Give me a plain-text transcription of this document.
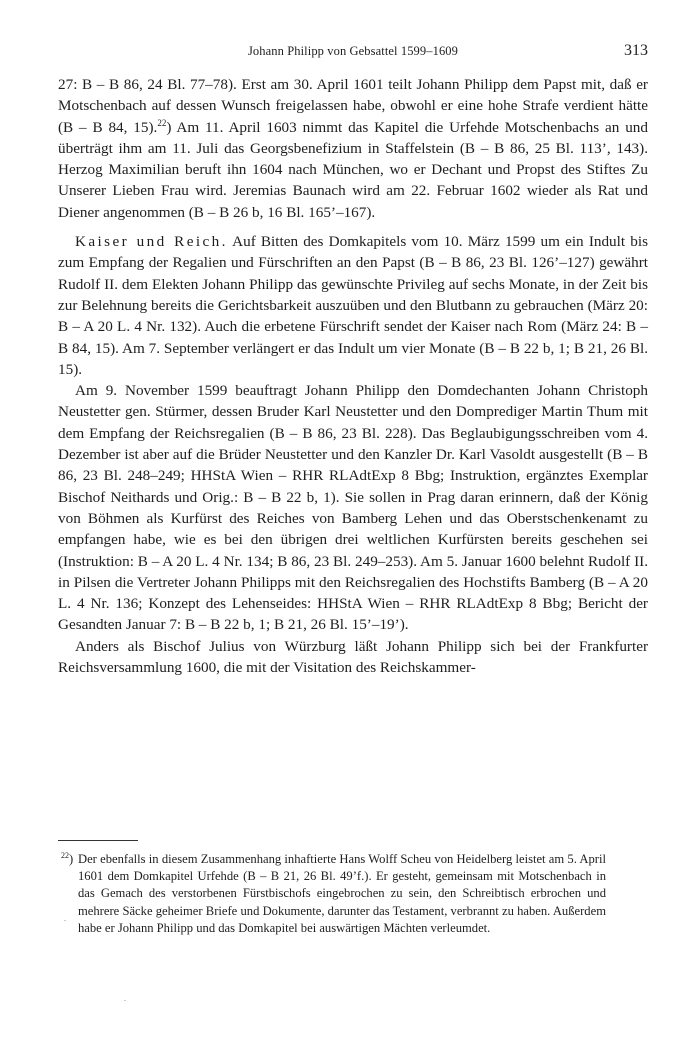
Johann Philipp von Gebsattel 1599–1609	313

27: B – B 86, 24 Bl. 77–78). Erst am 30. April 1601 teilt Johann Philipp dem Papst mit, daß er Motschenbach auf dessen Wunsch freigelassen habe, obwohl er eine hohe Strafe verdient hätte (B – B 84, 15).$^{22}$) Am 11. April 1603 nimmt das Kapitel die Urfehde Motschenbachs an und überträgt ihm am 11. Juli das Georgsbenefizium in Staffelstein (B – B 86, 25 Bl. 113’, 143). Herzog Maximilian beruft ihn 1604 nach München, wo er Dechant und Propst des Stiftes Zu Unserer Lieben Frau wird. Jeremias Baunach wird am 22. Februar 1602 wieder als Rat und Diener angenommen (B – B 26 b, 16 Bl. 165’–167).

Kaiser und Reich. Auf Bitten des Domkapitels vom 10. März 1599 um ein Indult bis zum Empfang der Regalien und Fürschriften an den Papst (B – B 86, 23 Bl. 126’–127) gewährt Rudolf II. dem Elekten Johann Philipp das gewünschte Privileg auf sechs Monate, in der Zeit bis zur Belehnung bereits die Gerichtsbarkeit auszuüben und den Blutbann zu gebrauchen (März 20: B – A 20 L. 4 Nr. 132). Auch die erbetene Fürschrift sendet der Kaiser nach Rom (März 24: B – B 84, 15). Am 7. September verlängert er das Indult um vier Monate (B – B 22 b, 1; B 21, 26 Bl. 15).

Am 9. November 1599 beauftragt Johann Philipp den Domdechanten Johann Christoph Neustetter gen. Stürmer, dessen Bruder Karl Neustetter und den Domprediger Martin Thum mit dem Empfang der Reichsregalien (B – B 86, 23 Bl. 228). Das Beglaubigungsschreiben vom 4. Dezember ist aber auf die Brüder Neustetter und den Kanzler Dr. Karl Vasoldt ausgestellt (B – B 86, 23 Bl. 248–249; HHStA Wien – RHR RLAdtExp 8 Bbg; Instruktion, ergänztes Exemplar Bischof Neithards und Orig.: B – B 22 b, 1). Sie sollen in Prag daran erinnern, daß der König von Böhmen als Kurfürst des Reiches von Bamberg Lehen und das Oberstschenkenamt zu empfangen habe, wie es bei den übrigen drei weltlichen Kurfürsten bereits geschehen sei (Instruktion: B – A 20 L. 4 Nr. 134; B 86, 23 Bl. 249–253). Am 5. Januar 1600 belehnt Rudolf II. in Pilsen die Vertreter Johann Philipps mit den Reichsregalien des Hochstifts Bamberg (B – A 20 L. 4 Nr. 136; Konzept des Lehenseides: HHStA Wien – RHR RLAdtExp 8 Bbg; Bericht der Gesandten Januar 7: B – B 22 b, 1; B 21, 26 Bl. 15’–19’).

Anders als Bischof Julius von Würzburg läßt Johann Philipp sich bei der Frankfurter Reichsversammlung 1600, die mit der Visitation des Reichskammer-

$^{22}$) Der ebenfalls in diesem Zusammenhang inhaftierte Hans Wolff Scheu von Heidelberg leistet am 5. April 1601 dem Domkapitel Urfehde (B – B 21, 26 Bl. 49’f.). Er gesteht, gemeinsam mit Motschenbach in das Gemach des verstorbenen Fürstbischofs eingebrochen zu sein, den Schreibtisch erbrochen und mehrere Säcke geheimer Briefe und Dokumente, darunter das Testament, verbrannt zu haben. Außerdem habe er Johann Philipp und das Domkapitel bei auswärtigen Mächten verleumdet.
